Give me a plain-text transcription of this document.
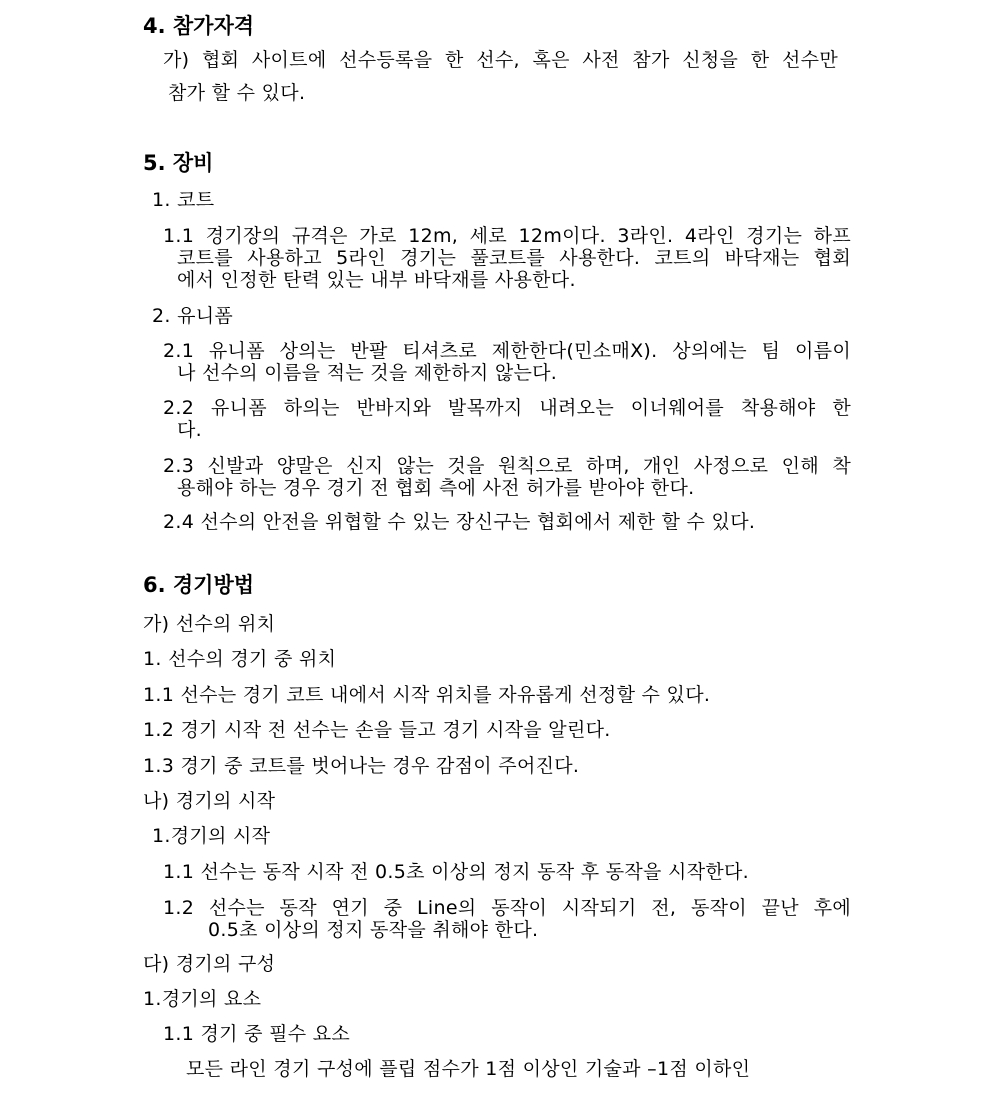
4. 참가자격
가) 협회 사이트에 선수등록을 한 선수, 혹은 사전 참가 신청을 한 선수만
참가 할 수 있다.
5. 장비
1. 코트
1.1 경기장의 규격은 가로 12m, 세로 12m이다. 3라인. 4라인 경기는 하프
코트를 사용하고 5라인 경기는 풀코트를 사용한다. 코트의 바닥재는 협회
에서 인정한 탄력 있는 내부 바닥재를 사용한다.
2. 유니폼
2.1 유니폼 상의는 반팔 티셔츠로 제한한다(민소매X). 상의에는 팀 이름이
나 선수의 이름을 적는 것을 제한하지 않는다.
2.2 유니폼 하의는 반바지와 발목까지 내려오는 이너웨어를 착용해야 한
다.
2.3 신발과 양말은 신지 않는 것을 원칙으로 하며, 개인 사정으로 인해 착
용해야 하는 경우 경기 전 협회 측에 사전 허가를 받아야 한다.
2.4 선수의 안전을 위협할 수 있는 장신구는 협회에서 제한 할 수 있다.
6. 경기방법
가) 선수의 위치
1. 선수의 경기 중 위치
1.1 선수는 경기 코트 내에서 시작 위치를 자유롭게 선정할 수 있다.
1.2 경기 시작 전 선수는 손을 들고 경기 시작을 알린다.
1.3 경기 중 코트를 벗어나는 경우 감점이 주어진다.
나) 경기의 시작
1.경기의 시작
1.1 선수는 동작 시작 전 0.5초 이상의 정지 동작 후 동작을 시작한다.
1.2 선수는 동작 연기 중 Line의 동작이 시작되기 전, 동작이 끝난 후에
0.5초 이상의 정지 동작을 취해야 한다.
다) 경기의 구성
1.경기의 요소
1.1 경기 중 필수 요소
모든 라인 경기 구성에 플립 점수가 1점 이상인 기술과 –1점 이하인
